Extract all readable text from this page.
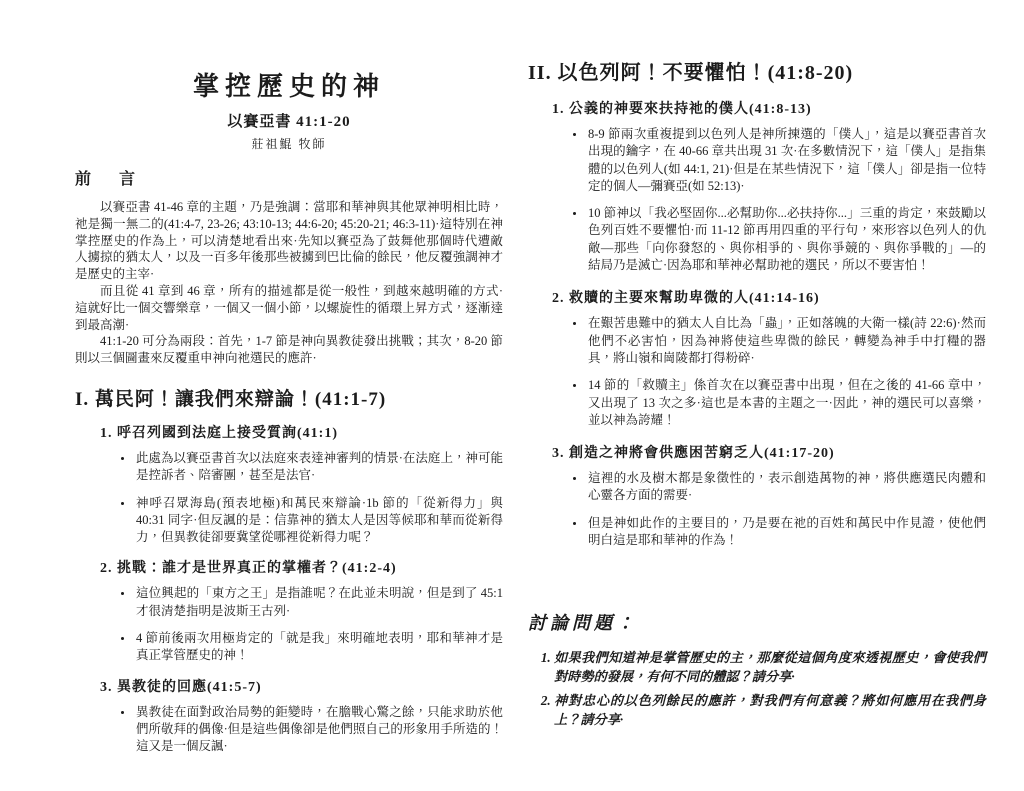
掌控歷史的神
以賽亞書 41:1-20
莊祖鯤 牧師
前 言

以賽亞書 41-46 章的主題，乃是強調：當耶和華神與其他眾神明相比時，祂是獨一無二的(41:4-7, 23-26; 43:10-13; 44:6-20; 45:20-21; 46:3-11)·這特別在神掌控歷史的作為上，可以清楚地看出來·先知以賽亞為了鼓舞他那個時代遭敵人擄掠的猶太人，以及一百多年後那些被擄到巴比倫的餘民，他反覆強調神才是歷史的主宰·

而且從 41 章到 46 章，所有的描述都是從一般性，到越來越明確的方式·這就好比一個交響樂章，一個又一個小節，以螺旋性的循環上昇方式，逐漸達到最高潮·

41:1-20 可分為兩段：首先，1-7 節是神向異教徒發出挑戰；其次，8-20 節則以三個圖畫來反覆重申神向祂選民的應許·

I. 萬民阿！讓我們來辯論！(41:1-7)
1. 呼召列國到法庭上接受質詢(41:1)
• 此處為以賽亞書首次以法庭來表達神審判的情景·在法庭上，神可能是控訴者、陪審團，甚至是法官·
• 神呼召眾海島(預表地極)和萬民來辯論·1b 節的「從新得力」與 40:31 同字·但反諷的是：信靠神的猶太人是因等候耶和華而從新得力，但異教徒卻要冀望從哪裡從新得力呢？
2. 挑戰：誰才是世界真正的掌權者？(41:2-4)
• 這位興起的「東方之王」是指誰呢？在此並未明說，但是到了 45:1 才很清楚指明是波斯王古列·
• 4 節前後兩次用極肯定的「就是我」來明確地表明，耶和華神才是真正掌管歷史的神！
3. 異教徒的回應(41:5-7)
• 異教徒在面對政治局勢的鉅變時，在膽戰心驚之餘，只能求助於他們所敬拜的偶像·但是這些偶像卻是他們照自己的形象用手所造的！這又是一個反諷·
II. 以色列阿！不要懼怕！(41:8-20)
1. 公義的神要來扶持祂的僕人(41:8-13)
• 8-9 節兩次重複提到以色列人是神所揀選的「僕人」，這是以賽亞書首次出現的鑰字，在 40-66 章共出現 31 次·在多數情況下，這「僕人」是指集體的以色列人(如 44:1, 21)·但是在某些情況下，這「僕人」卻是指一位特定的個人—彌賽亞(如 52:13)·
• 10 節神以「我必堅固你...必幫助你...必扶持你...」三重的肯定，來鼓勵以色列百姓不要懼怕·而 11-12 節再用四重的平行句，來形容以色列人的仇敵—那些「向你發怒的、與你相爭的、與你爭競的、與你爭戰的」—的結局乃是滅亡·因為耶和華神必幫助祂的選民，所以不要害怕！
2. 救贖的主要來幫助卑微的人(41:14-16)
• 在艱苦患難中的猶太人自比為「蟲」，正如落魄的大衛一樣(詩 22:6)·然而他們不必害怕，因為神將使這些卑微的餘民，轉變為神手中打糧的器具，將山嶺和崗陵都打得粉碎·
• 14 節的「救贖主」係首次在以賽亞書中出現，但在之後的 41-66 章中，又出現了 13 次之多·這也是本書的主題之一·因此，神的選民可以喜樂，並以神為誇耀！
3. 創造之神將會供應困苦窮乏人(41:17-20)
• 這裡的水及樹木都是象徵性的，表示創造萬物的神，將供應選民肉體和心靈各方面的需要·
• 但是神如此作的主要目的，乃是要在祂的百姓和萬民中作見證，使他們明白這是耶和華神的作為！
討論問題：
1. 如果我們知道神是掌管歷史的主，那麼從這個角度來透視歷史，會使我們對時勢的發展，有何不同的體認？請分享·
2. 神對忠心的以色列餘民的應許，對我們有何意義？將如何應用在我們身上？請分享·
